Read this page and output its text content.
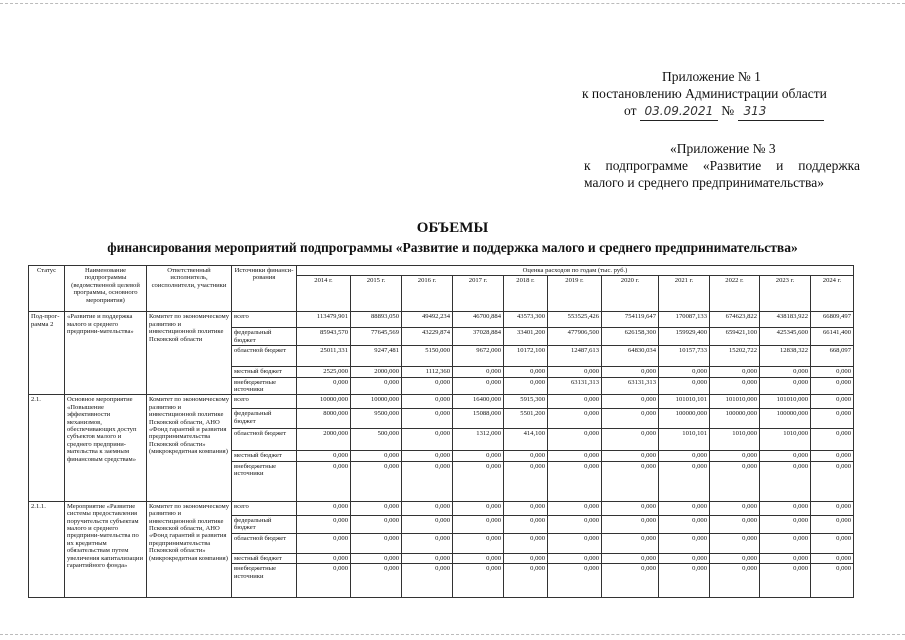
Приложение № 1
к постановлению Администрации области
от 03.09.2021 № 313
«Приложение № 3
к подпрограмме «Развитие и поддержка
малого и среднего предпринимательства»
ОБЪЕМЫ
финансирования мероприятий подпрограммы «Развитие и поддержка малого и среднего предпринимательства»
Статус	Наименование подпрограммы (ведомственной целевой программы, основного мероприятия)	Ответственный исполнитель, соисполнители, участники	Источники финанси-рования	Оценка расходов по годам (тыс. руб.)										
				2014 г.	2015 г.	2016 г.	2017 г.	2018 г.	2019 г.	2020 г.	2021 г.	2022 г.	2023 г.	2024 г.
Под-прог-рамма 2	«Развитие и поддержка малого и среднего предприни-мательства»	Комитет по экономическому развитию и инвестиционной политике Псковской области	всего	113479,901	88893,050	49492,234	46700,884	43573,300	553525,426	754119,647	170087,133	674623,822	438183,922	66809,497
			федеральный бюджет	85943,570	77645,569	43229,874	37028,884	33401,200	477906,500	626158,300	159929,400	659421,100	425345,600	66141,400
			областной бюджет	25011,331	9247,481	5150,000	9672,000	10172,100	12487,613	64830,034	10157,733	15202,722	12838,322	668,097
			местный бюджет	2525,000	2000,000	1112,360	0,000	0,000	0,000	0,000	0,000	0,000	0,000	0,000
			внебюджетные источники	0,000	0,000	0,000	0,000	0,000	63131,313	63131,313	0,000	0,000	0,000	0,000
2.1.	Основное мероприятие «Повышение эффективности механизмов, обеспечивающих доступ субъектов малого и среднего предприни-мательства к заемным финансовым средствам»	Комитет по экономическому развитию и инвестиционной политике Псковской области, АНО «Фонд гарантий и развития предпринимательства Псковской области» (микрокредитная компания)	всего	10000,000	10000,000	0,000	16400,000	5915,300	0,000	0,000	101010,101	101010,000	101010,000	0,000
			федеральный бюджет	8000,000	9500,000	0,000	15088,000	5501,200	0,000	0,000	100000,000	100000,000	100000,000	0,000
			областной бюджет	2000,000	500,000	0,000	1312,000	414,100	0,000	0,000	1010,101	1010,000	1010,000	0,000
			местный бюджет	0,000	0,000	0,000	0,000	0,000	0,000	0,000	0,000	0,000	0,000	0,000
			внебюджетные источники	0,000	0,000	0,000	0,000	0,000	0,000	0,000	0,000	0,000	0,000	0,000
2.1.1.	Мероприятие «Развитие системы предоставления поручительств субъектам малого и среднего предприни-мательства по их кредитным обязательствам путем увеличения капитализации гарантийного фонда»	Комитет по экономическому развитию и инвестиционной политике Псковской области, АНО «Фонд гарантий и развития предпринимательства Псковской области» (микрокредитная компания)	всего	0,000	0,000	0,000	0,000	0,000	0,000	0,000	0,000	0,000	0,000	0,000
			федеральный бюджет	0,000	0,000	0,000	0,000	0,000	0,000	0,000	0,000	0,000	0,000	0,000
			областной бюджет	0,000	0,000	0,000	0,000	0,000	0,000	0,000	0,000	0,000	0,000	0,000
			местный бюджет	0,000	0,000	0,000	0,000	0,000	0,000	0,000	0,000	0,000	0,000	0,000
			внебюджетные источники	0,000	0,000	0,000	0,000	0,000	0,000	0,000	0,000	0,000	0,000	0,000
